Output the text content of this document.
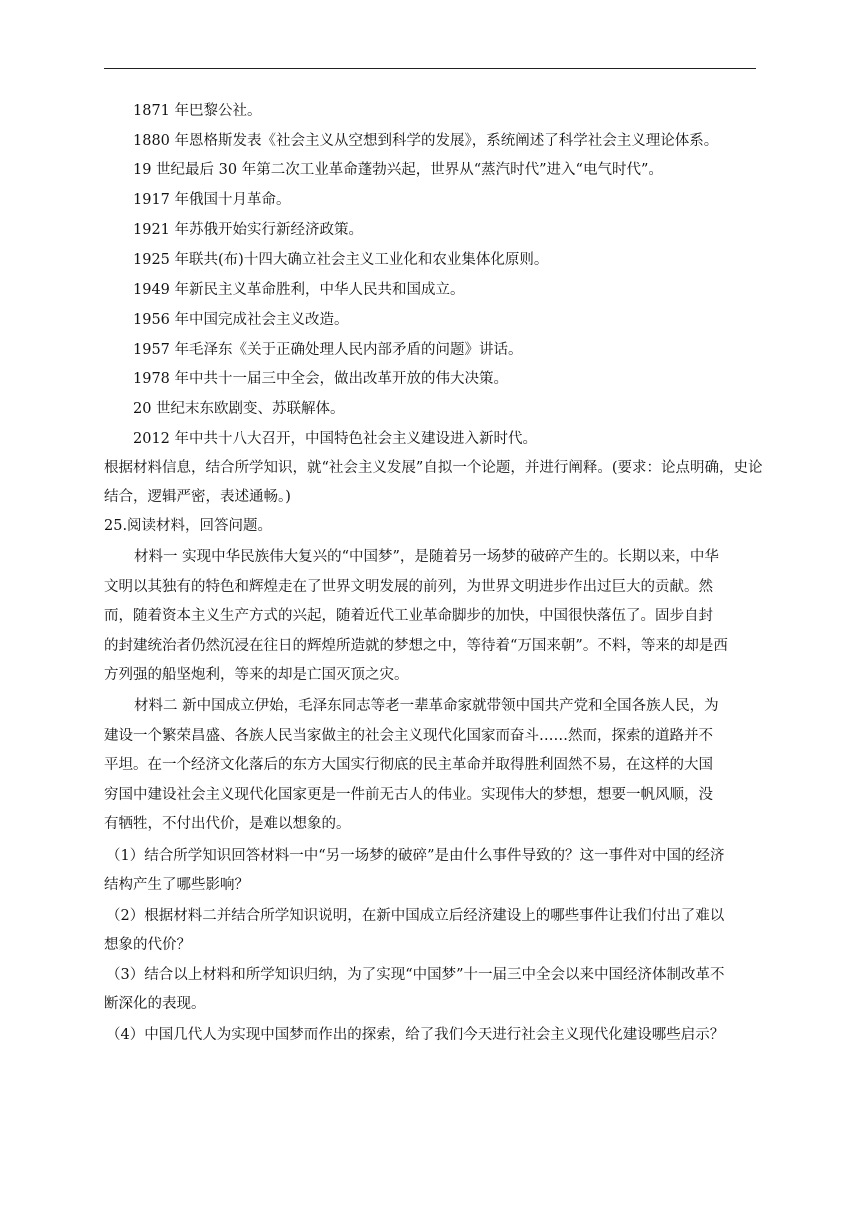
1871 年巴黎公社。
1880 年恩格斯发表《社会主义从空想到科学的发展》，系统阐述了科学社会主义理论体系。
19 世纪最后 30 年第二次工业革命蓬勃兴起，世界从“蒸汽时代”进入“电气时代”。
1917 年俄国十月革命。
1921 年苏俄开始实行新经济政策。
1925 年联共(布)十四大确立社会主义工业化和农业集体化原则。
1949 年新民主义革命胜利，中华人民共和国成立。
1956 年中国完成社会主义改造。
1957 年毛泽东《关于正确处理人民内部矛盾的问题》讲话。
1978 年中共十一届三中全会，做出改革开放的伟大决策。
20 世纪末东欧剧变、苏联解体。
2012 年中共十八大召开，中国特色社会主义建设进入新时代。
根据材料信息，结合所学知识，就“社会主义发展”自拟一个论题，并进行阐释。(要求：论点明确，史论
结合，逻辑严密，表述通畅。)
25.阅读材料，回答问题。
材料一 实现中华民族伟大复兴的“中国梦”，是随着另一场梦的破碎产生的。长期以来，中华
文明以其独有的特色和辉煌走在了世界文明发展的前列，为世界文明进步作出过巨大的贡献。然
而，随着资本主义生产方式的兴起，随着近代工业革命脚步的加快，中国很快落伍了。固步自封
的封建统治者仍然沉浸在往日的辉煌所造就的梦想之中，等待着“万国来朝”。不料，等来的却是西
方列强的船坚炮利，等来的却是亡国灭顶之灾。
材料二 新中国成立伊始，毛泽东同志等老一辈革命家就带领中国共产党和全国各族人民，为
建设一个繁荣昌盛、各族人民当家做主的社会主义现代化国家而奋斗……然而，探索的道路并不
平坦。在一个经济文化落后的东方大国实行彻底的民主革命并取得胜利固然不易，在这样的大国
穷国中建设社会主义现代化国家更是一件前无古人的伟业。实现伟大的梦想，想要一帆风顺，没
有牺牲，不付出代价，是难以想象的。
（1）结合所学知识回答材料一中“另一场梦的破碎”是由什么事件导致的？这一事件对中国的经济
结构产生了哪些影响？
（2）根据材料二并结合所学知识说明，在新中国成立后经济建设上的哪些事件让我们付出了难以
想象的代价？
（3）结合以上材料和所学知识归纳，为了实现“中国梦”十一届三中全会以来中国经济体制改革不
断深化的表现。
（4）中国几代人为实现中国梦而作出的探索，给了我们今天进行社会主义现代化建设哪些启示？
